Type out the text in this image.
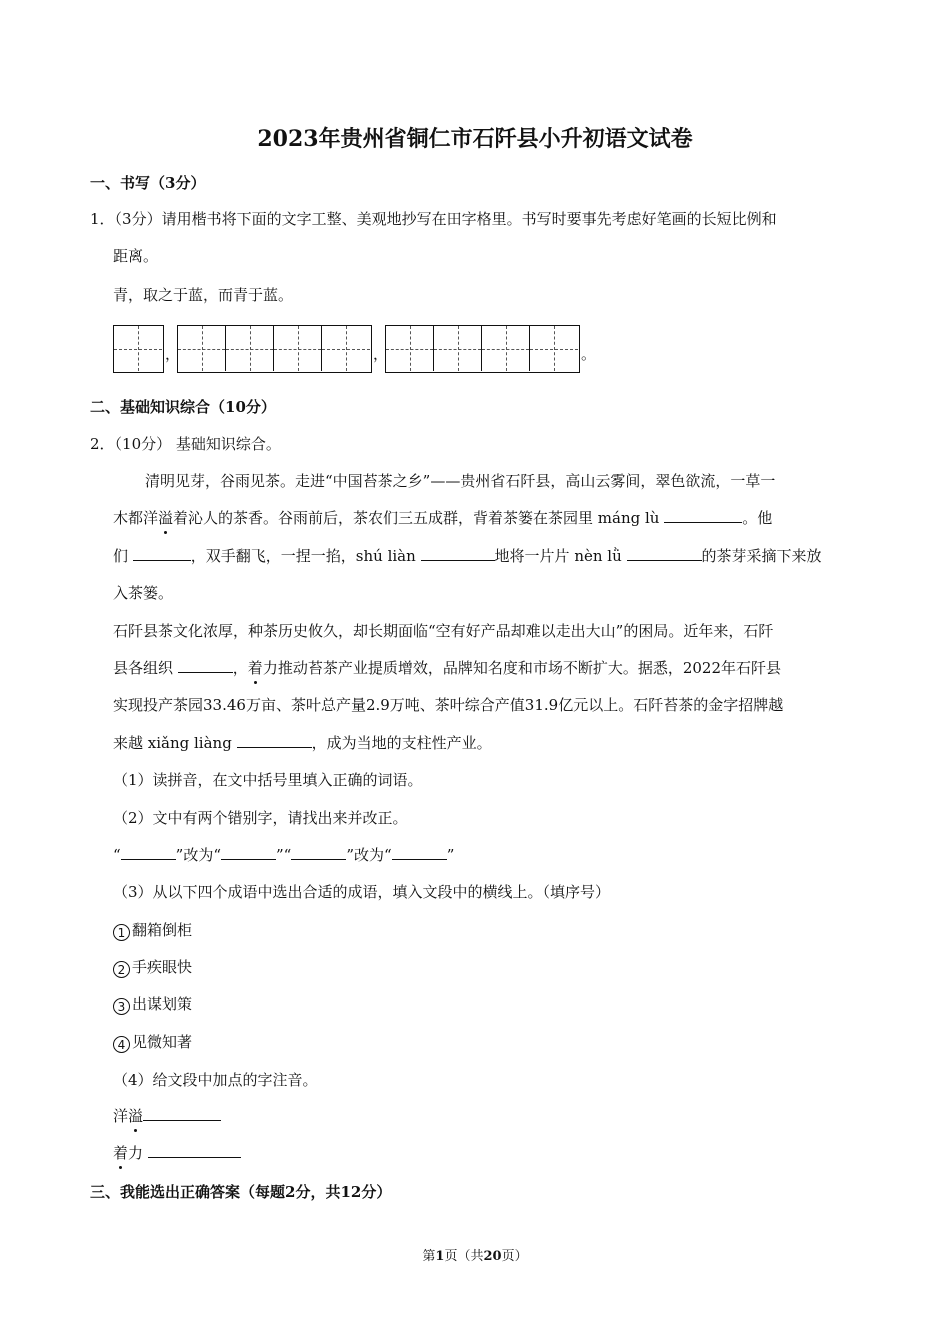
2023年贵州省铜仁市石阡县小升初语文试卷
一、书写（3分）
1．（3分）请用楷书将下面的文字工整、美观地抄写在田字格里。书写时要事先考虑好笔画的长短比例和
距离。
青，取之于蓝，而青于蓝。
，	，	。
二、基础知识综合（10分）
2．（10分） 基础知识综合。
清明见芽，谷雨见茶。走进“中国苔茶之乡”——贵州省石阡县，高山云雾间，翠色欲流，一草一
木都洋溢着沁人的茶香。谷雨前后，茶农们三五成群，背着茶篓在茶园里 máng lù	。他
们	，双手翻飞，一捏一掐，shú liàn	地将一片片 nèn lǜ	的茶芽采摘下来放
入茶篓。
石阡县茶文化浓厚，种茶历史攸久，却长期面临“空有好产品却难以走出大山”的困局。近年来，石阡
县各组织	，着力推动苔茶产业提质增效，品牌知名度和市场不断扩大。据悉，2022年石阡县
实现投产茶园33.46万亩、茶叶总产量2.9万吨、茶叶综合产值31.9亿元以上。石阡苔茶的金字招牌越
来越 xiǎng liàng	，成为当地的支柱性产业。
（1）读拼音，在文中括号里填入正确的词语。
（2）文中有两个错别字，请找出来并改正。
“	”改为“	”“	”改为“	”
（3）从以下四个成语中选出合适的成语，填入文段中的横线上。（填序号）
1 翻箱倒柜
2 手疾眼快
3 出谋划策
4 见微知著
（4）给文段中加点的字注音。
洋溢
着力
三、我能选出正确答案（每题2分，共12分）
第1页（共20页）
